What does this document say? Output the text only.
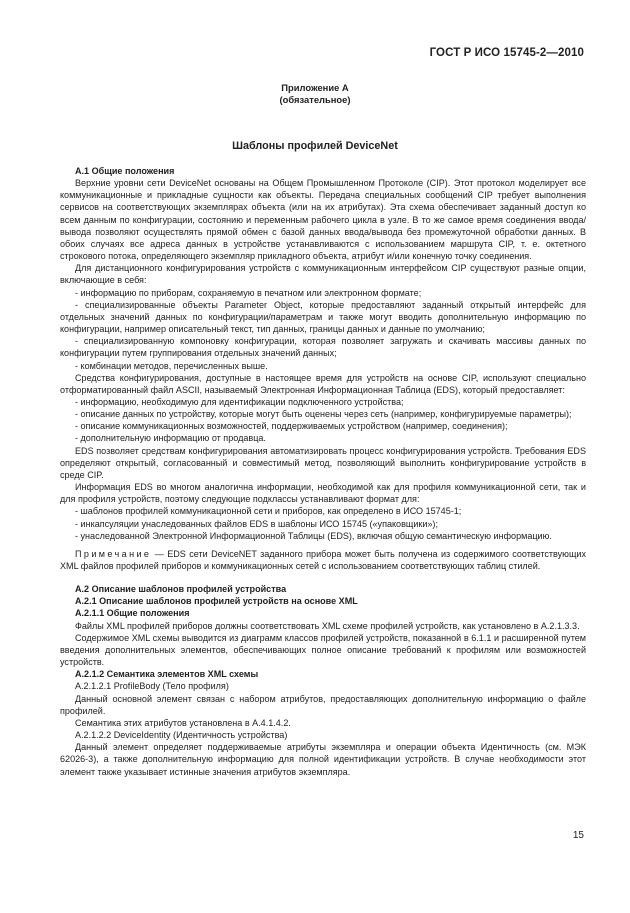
ГОСТ Р ИСО 15745-2—2010
Приложение А
(обязательное)
Шаблоны профилей DeviceNet
А.1 Общие положения

Верхние уровни сети DeviceNet основаны на Общем Промышленном Протоколе (CIP). Этот протокол моделирует все коммуникационные и прикладные сущности как объекты. Передача специальных сообщений CIP требует выполнения сервисов на соответствующих экземплярах объекта (или на их атрибутах). Эта схема обеспечивает заданный доступ ко всем данным по конфигурации, состоянию и переменным рабочего цикла в узле. В то же самое время соединения ввода/вывода позволяют осуществлять прямой обмен с базой данных ввода/вывода без промежуточной обработки данных. В обоих случаях все адреса данных в устройстве устанавливаются с использованием маршрута CIP, т. е. октетного строкового потока, определяющего экземпляр прикладного объекта, атрибут и/или конечную точку соединения.

Для дистанционного конфигурирования устройств с коммуникационным интерфейсом CIP существуют разные опции, включающие в себя:

- информацию по приборам, сохраняемую в печатном или электронном формате;

- специализированные объекты Parameter Object, которые предоставляют заданный открытый интерфейс для отдельных значений данных по конфигурации/параметрам и также могут вводить дополнительную информацию по конфигурации, например описательный текст, тип данных, границы данных и данные по умолчанию;

- специализированную компоновку конфигурации, которая позволяет загружать и скачивать массивы данных по конфигурации путем группирования отдельных значений данных;

- комбинации методов, перечисленных выше.

Средства конфигурирования, доступные в настоящее время для устройств на основе CIP, используют специально отформатированный файл ASCII, называемый Электронная Информационная Таблица (EDS), который предоставляет:

- информацию, необходимую для идентификации подключенного устройства;

- описание данных по устройству, которые могут быть оценены через сеть (например, конфигурируемые параметры);

- описание коммуникационных возможностей, поддерживаемых устройством (например, соединения);

- дополнительную информацию от продавца.

EDS позволяет средствам конфигурирования автоматизировать процесс конфигурирования устройств. Требования EDS определяют открытый, согласованный и совместимый метод, позволяющий выполнить конфигурирование устройств в среде CIP.

Информация EDS во многом аналогична информации, необходимой как для профиля коммуникационной сети, так и для профиля устройств, поэтому следующие подклассы устанавливают формат для:

- шаблонов профилей коммуникационной сети и приборов, как определено в ИСО 15745-1;

- инкапсуляции унаследованных файлов EDS в шаблоны ИСО 15745 («упаковщики»);

- унаследованной Электронной Информационной Таблицы (EDS), включая общую семантическую информацию.

Примечание — EDS сети DeviceNET заданного прибора может быть получена из содержимого соответствующих XML файлов профилей приборов и коммуникационных сетей с использованием соответствующих таблиц стилей.

А.2 Описание шаблонов профилей устройства
А.2.1 Описание шаблонов профилей устройств на основе XML
А.2.1.1 Общие положения

Файлы XML профилей приборов должны соответствовать XML схеме профилей устройств, как установлено в А.2.1.3.3.

Содержимое XML схемы выводится из диаграмм классов профилей устройств, показанной в 6.1.1 и расширенной путем введения дополнительных элементов, обеспечивающих полное описание требований к профилям или возможностей устройств.

А.2.1.2 Семантика элементов XML схемы

А.2.1.2.1 ProfileBody (Тело профиля)

Данный основной элемент связан с набором атрибутов, предоставляющих дополнительную информацию о файле профилей.

Семантика этих атрибутов установлена в А.4.1.4.2.

А.2.1.2.2 DeviceIdentity (Идентичность устройства)

Данный элемент определяет поддерживаемые атрибуты экземпляра и операции объекта Идентичность (см. МЭК 62026-3), а также дополнительную информацию для полной идентификации устройств. В случае необходимости этот элемент также указывает истинные значения атрибутов экземпляра.

15
